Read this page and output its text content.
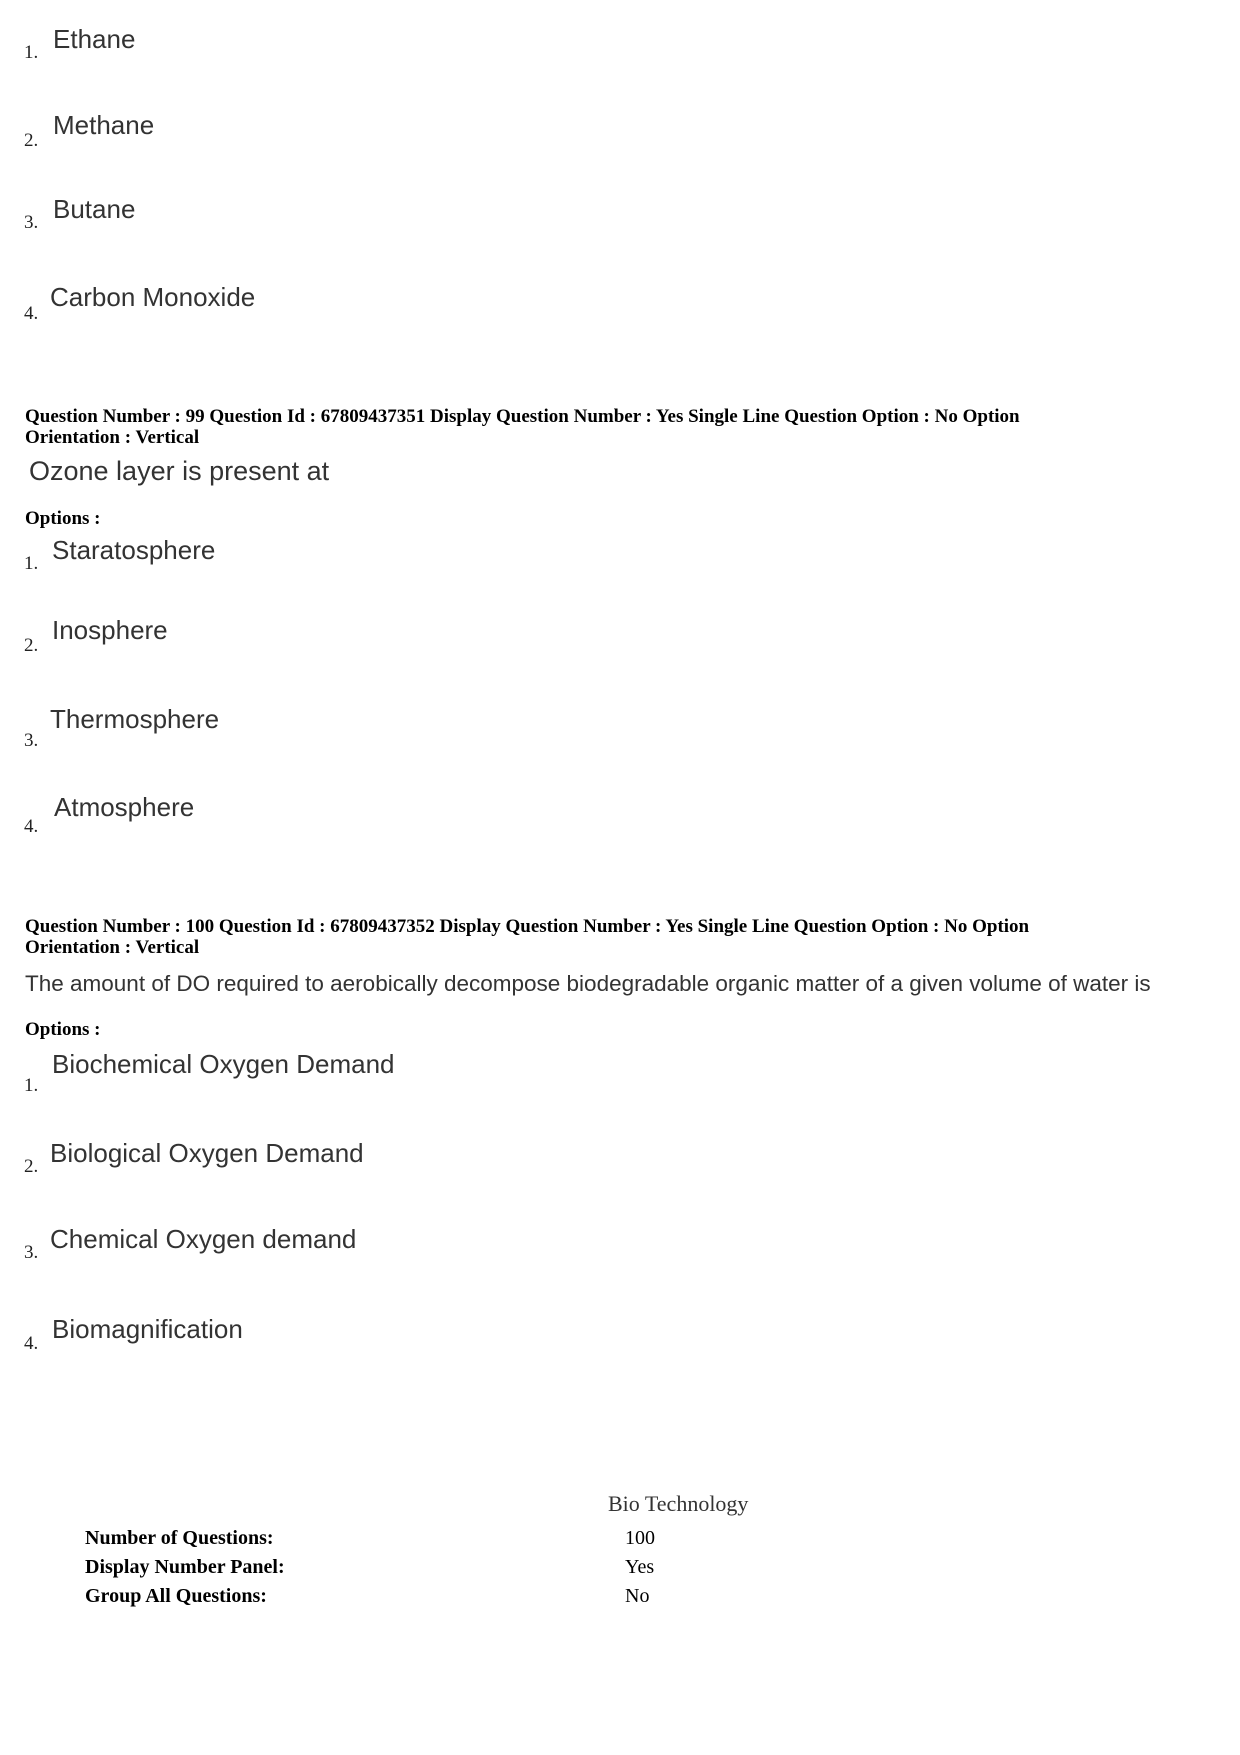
1. Ethane
2.
Methane
3. Butane
4.
Carbon Monoxide
Question Number : 99 Question Id : 67809437351 Display Question Number : Yes Single Line Question Option : No Option
Orientation : Vertical
Ozone layer is present at
Options :
1. Staratosphere
2.
Inosphere
3.
Thermosphere
4.
Atmosphere
Question Number : 100 Question Id : 67809437352 Display Question Number : Yes Single Line Question Option : No Option
Orientation : Vertical
The amount of DO required to aerobically decompose biodegradable organic matter of a given volume of water is
Options :
1.
Biochemical Oxygen Demand
2. Biological Oxygen Demand
3. Chemical Oxygen demand
4. Biomagnification
Bio Technology
Number of Questions:	100
Display Number Panel:	Yes
Group All Questions:	No
